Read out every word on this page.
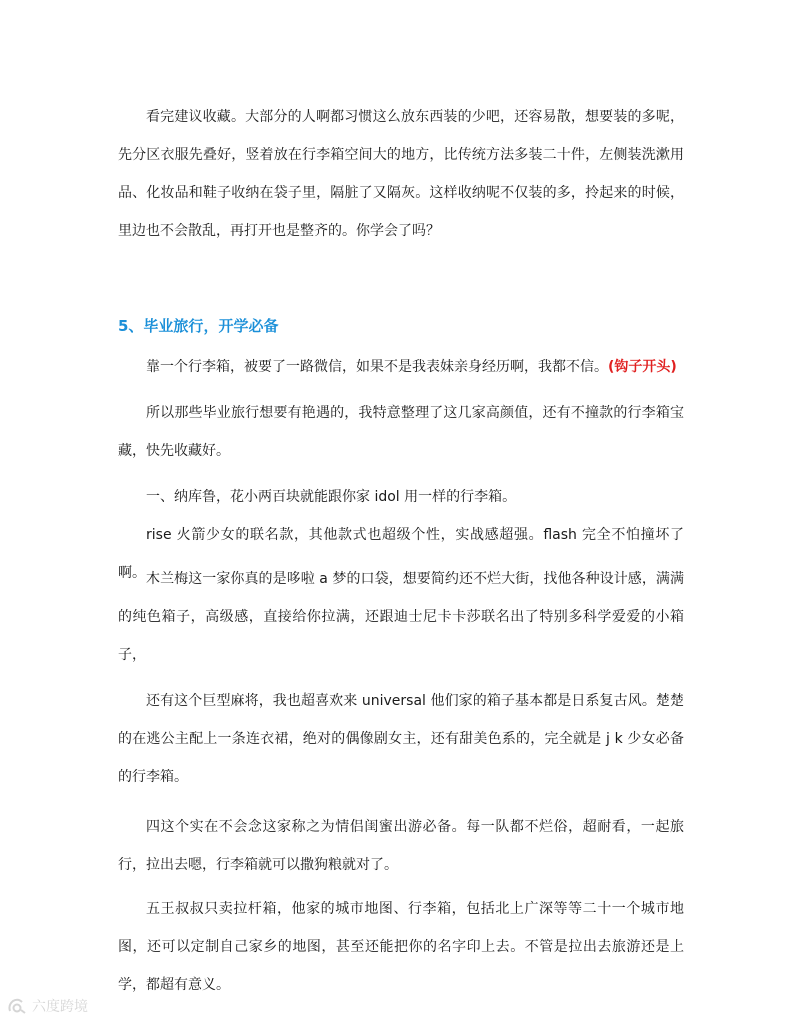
看完建议收藏。大部分的人啊都习惯这么放东西装的少吧，还容易散，想要装的多呢，先分区衣服先叠好，竖着放在行李箱空间大的地方，比传统方法多装二十件，左侧装洗漱用品、化妆品和鞋子收纳在袋子里，隔脏了又隔灰。这样收纳呢不仅装的多，拎起来的时候，里边也不会散乱，再打开也是整齐的。你学会了吗？

5、毕业旅行，开学必备

靠一个行李箱，被要了一路微信，如果不是我表妹亲身经历啊，我都不信。(钩子开头)

所以那些毕业旅行想要有艳遇的，我特意整理了这几家高颜值，还有不撞款的行李箱宝藏，快先收藏好。

一、纳库鲁，花小两百块就能跟你家 idol 用一样的行李箱。

rise 火箭少女的联名款，其他款式也超级个性，实战感超强。flash 完全不怕撞坏了啊。 木兰梅这一家你真的是哆啦 a 梦的口袋，想要简约还不烂大街，找他各种设计感，满满的纯色箱子，高级感，直接给你拉满，还跟迪士尼卡卡莎联名出了特别多科学爱爱的小箱子，

还有这个巨型麻将，我也超喜欢来 universal 他们家的箱子基本都是日系复古风。楚楚的在逃公主配上一条连衣裙，绝对的偶像剧女主，还有甜美色系的，完全就是 j k 少女必备的行李箱。

四这个实在不会念这家称之为情侣闺蜜出游必备。每一队都不烂俗，超耐看，一起旅行，拉出去嗯，行李箱就可以撒狗粮就对了。

五王叔叔只卖拉杆箱，他家的城市地图、行李箱，包括北上广深等等二十一个城市地图，还可以定制自己家乡的地图，甚至还能把你的名字印上去。不管是拉出去旅游还是上学，都超有意义。

六度跨境
